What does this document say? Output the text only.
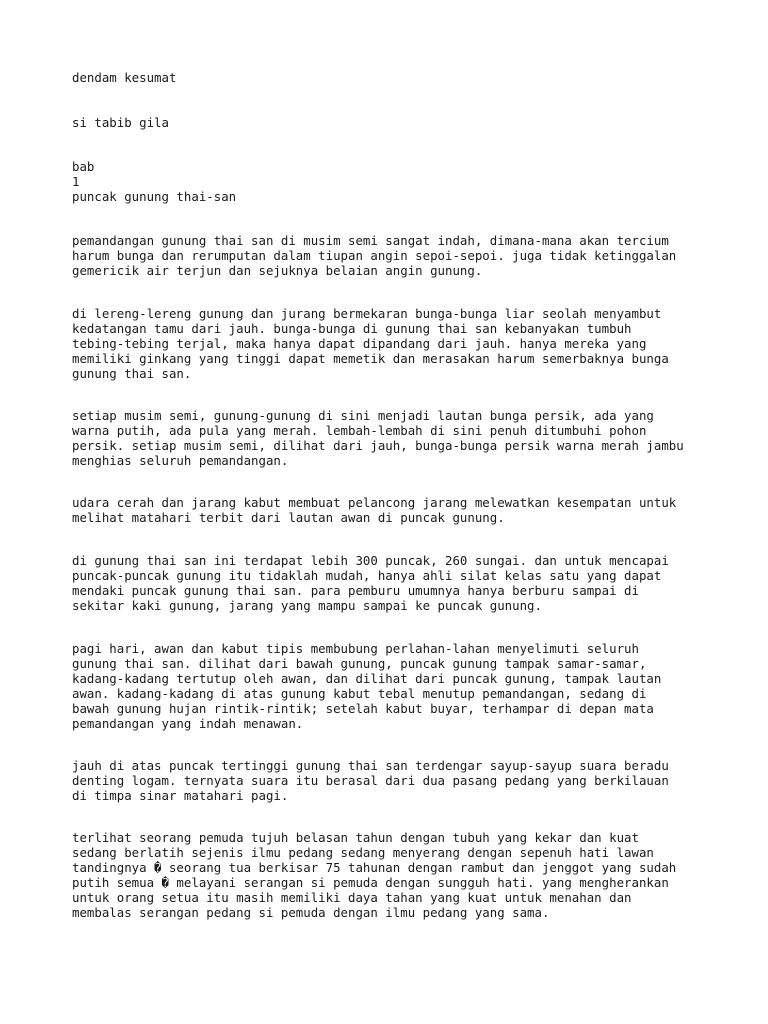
dendam kesumat
si tabib gila
bab
1
puncak gunung thai-san
pemandangan gunung thai san di musim semi sangat indah, dimana-mana akan tercium
harum bunga dan rerumputan dalam tiupan angin sepoi-sepoi. juga tidak ketinggalan
gemericik air terjun dan sejuknya belaian angin gunung.
di lereng-lereng gunung dan jurang bermekaran bunga-bunga liar seolah menyambut
kedatangan tamu dari jauh. bunga-bunga di gunung thai san kebanyakan tumbuh
tebing-tebing terjal, maka hanya dapat dipandang dari jauh. hanya mereka yang
memiliki ginkang yang tinggi dapat memetik dan merasakan harum semerbaknya bunga
gunung thai san.
setiap musim semi, gunung-gunung di sini menjadi lautan bunga persik, ada yang
warna putih, ada pula yang merah. lembah-lembah di sini penuh ditumbuhi pohon
persik. setiap musim semi, dilihat dari jauh, bunga-bunga persik warna merah jambu
menghias seluruh pemandangan.
udara cerah dan jarang kabut membuat pelancong jarang melewatkan kesempatan untuk
melihat matahari terbit dari lautan awan di puncak gunung.
di gunung thai san ini terdapat lebih 300 puncak, 260 sungai. dan untuk mencapai
puncak-puncak gunung itu tidaklah mudah, hanya ahli silat kelas satu yang dapat
mendaki puncak gunung thai san. para pemburu umumnya hanya berburu sampai di
sekitar kaki gunung, jarang yang mampu sampai ke puncak gunung.
pagi hari, awan dan kabut tipis membubung perlahan-lahan menyelimuti seluruh
gunung thai san. dilihat dari bawah gunung, puncak gunung tampak samar-samar,
kadang-kadang tertutup oleh awan, dan dilihat dari puncak gunung, tampak lautan
awan. kadang-kadang di atas gunung kabut tebal menutup pemandangan, sedang di
bawah gunung hujan rintik-rintik; setelah kabut buyar, terhampar di depan mata
pemandangan yang indah menawan.
jauh di atas puncak tertinggi gunung thai san terdengar sayup-sayup suara beradu
denting logam. ternyata suara itu berasal dari dua pasang pedang yang berkilauan
di timpa sinar matahari pagi.
terlihat seorang pemuda tujuh belasan tahun dengan tubuh yang kekar dan kuat
sedang berlatih sejenis ilmu pedang sedang menyerang dengan sepenuh hati lawan
tandingnya � seorang tua berkisar 75 tahunan dengan rambut dan jenggot yang sudah
putih semua � melayani serangan si pemuda dengan sungguh hati. yang mengherankan
untuk orang setua itu masih memiliki daya tahan yang kuat untuk menahan dan
membalas serangan pedang si pemuda dengan ilmu pedang yang sama.
